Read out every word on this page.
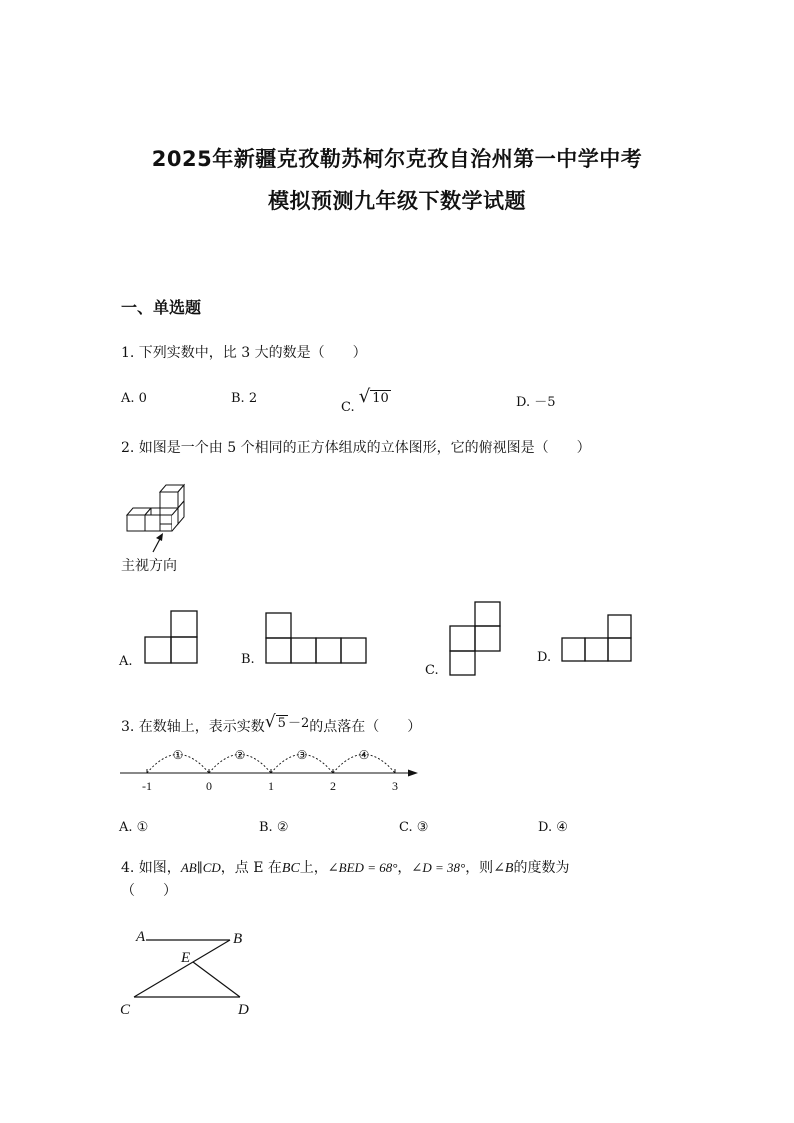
2025年新疆克孜勒苏柯尔克孜自治州第一中学中考
模拟预测九年级下数学试题
一、单选题
1. 下列实数中，比 3 大的数是（　　）
A. 0	B. 2
C. √ 10	D. －5
2. 如图是一个由 5 个相同的正方体组成的立体图形，它的俯视图是（　　）
主视方向
A.	B.
C.
D.
3. 在数轴上，表示实数√ 5 －2的点落在（　　）
①	②	③	④
-1	0	1	2	3
A. ①	B. ②	C. ③	D. ④
4. 如图，AB∥CD，点 E 在BC上，∠BED = 68°，∠D = 38°，则∠B的度数为
（　　）
A	B
E
C	D
